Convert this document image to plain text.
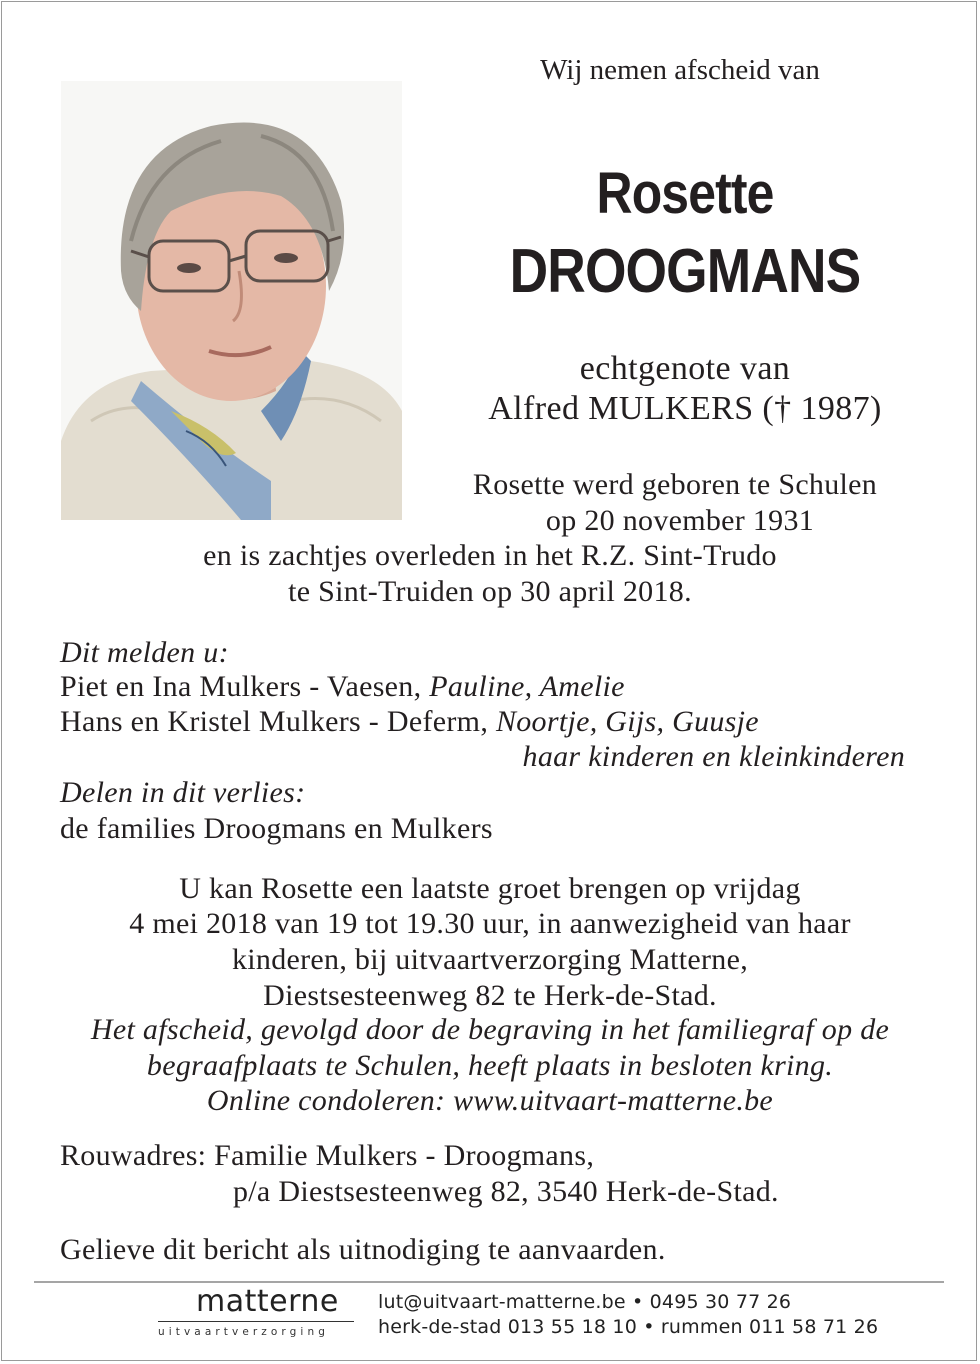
Wij nemen afscheid van
Rosette
DROOGMANS
echtgenote van
Alfred MULKERS († 1987)
Rosette werd geboren te Schulen
op 20 november 1931
en is zachtjes overleden in het R.Z. Sint-Trudo
te Sint-Truiden op 30 april 2018.
Dit melden u:
Piet en Ina Mulkers - Vaesen, Pauline, Amelie
Hans en Kristel Mulkers - Deferm, Noortje, Gijs, Guusje
haar kinderen en kleinkinderen
Delen in dit verlies:
de families Droogmans en Mulkers
U kan Rosette een laatste groet brengen op vrijdag
4 mei 2018 van 19 tot 19.30 uur, in aanwezigheid van haar
kinderen, bij uitvaartverzorging Matterne,
Diestsesteenweg 82 te Herk-de-Stad.
Het afscheid, gevolgd door de begraving in het familiegraf op de
begraafplaats te Schulen, heeft plaats in besloten kring.
Online condoleren: www.uitvaart-matterne.be
Rouwadres: Familie Mulkers - Droogmans,
p/a Diestsesteenweg 82, 3540 Herk-de-Stad.
Gelieve dit bericht als uitnodiging te aanvaarden.
matterne
uitvaartverzorging
lut@uitvaart-matterne.be • 0495 30 77 26
herk-de-stad 013 55 18 10 • rummen 011 58 71 26
